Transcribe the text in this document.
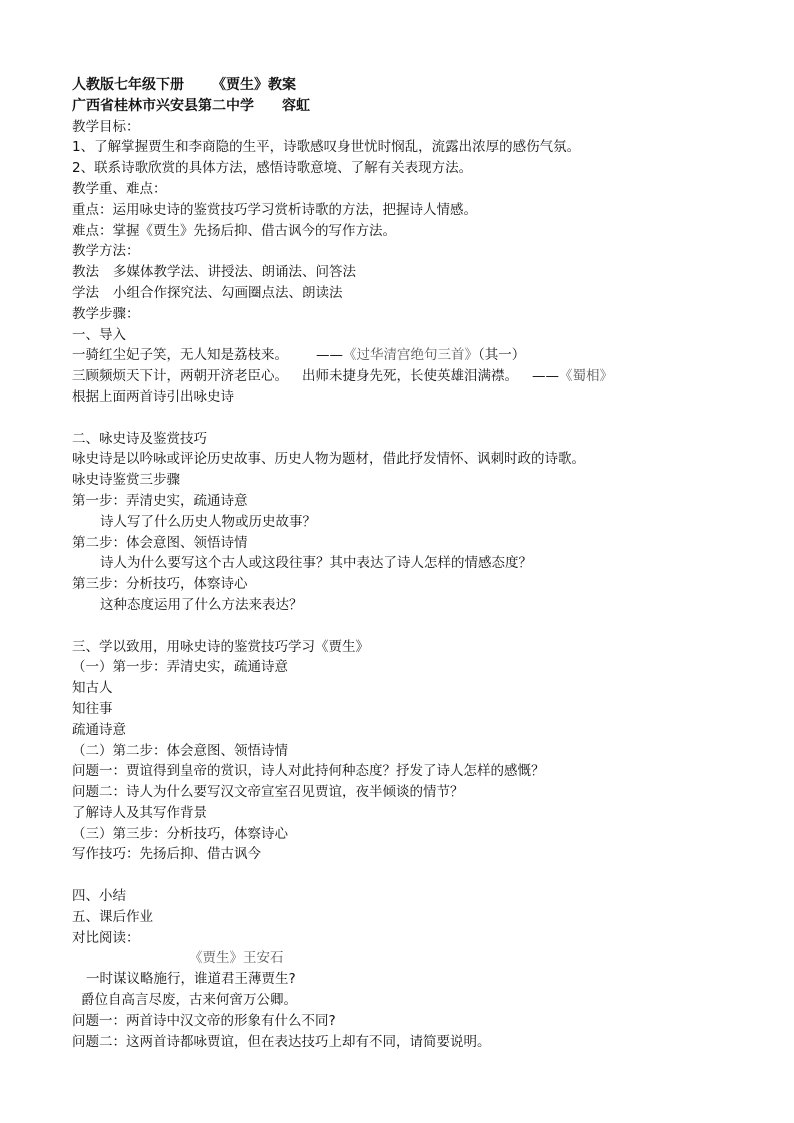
人教版七年级下册 《贾生》教案
广西省桂林市兴安县第二中学 容虹
教学目标：
1、了解掌握贾生和李商隐的生平，诗歌感叹身世忧时悯乱，流露出浓厚的感伤气氛。
2、联系诗歌欣赏的具体方法，感悟诗歌意境、了解有关表现方法。
教学重、难点：
重点：运用咏史诗的鉴赏技巧学习赏析诗歌的方法，把握诗人情感。
难点：掌握《贾生》先扬后抑、借古讽今的写作方法。
教学方法：
教法 多媒体教学法、讲授法、朗诵法、问答法
学法 小组合作探究法、勾画圈点法、朗读法
教学步骤：
一、导入
一骑红尘妃子笑，无人知是荔枝来。 ——《过华清宫绝句三首》（其一）
三顾频烦天下计，两朝开济老臣心。 出师未捷身先死，长使英雄泪满襟。 ——《蜀相》
根据上面两首诗引出咏史诗
二、咏史诗及鉴赏技巧
咏史诗是以吟咏或评论历史故事、历史人物为题材，借此抒发情怀、讽刺时政的诗歌。
咏史诗鉴赏三步骤
第一步：弄清史实，疏通诗意
诗人写了什么历史人物或历史故事？
第二步：体会意图、领悟诗情
诗人为什么要写这个古人或这段往事？其中表达了诗人怎样的情感态度？
第三步：分析技巧，体察诗心
这种态度运用了什么方法来表达？
三、学以致用，用咏史诗的鉴赏技巧学习《贾生》
（一）第一步：弄清史实，疏通诗意
知古人
知往事
疏通诗意
（二）第二步：体会意图、领悟诗情
问题一：贾谊得到皇帝的赏识，诗人对此持何种态度？抒发了诗人怎样的感慨？
问题二：诗人为什么要写汉文帝宣室召见贾谊，夜半倾谈的情节？
了解诗人及其写作背景
（三）第三步：分析技巧，体察诗心
写作技巧：先扬后抑、借古讽今
四、小结
五、课后作业
对比阅读：
《贾生》王安石
一时谋议略施行，谁道君王薄贾生?
爵位自高言尽废，古来何啻万公卿。
问题一：两首诗中汉文帝的形象有什么不同?
问题二：这两首诗都咏贾谊，但在表达技巧上却有不同，请简要说明。
